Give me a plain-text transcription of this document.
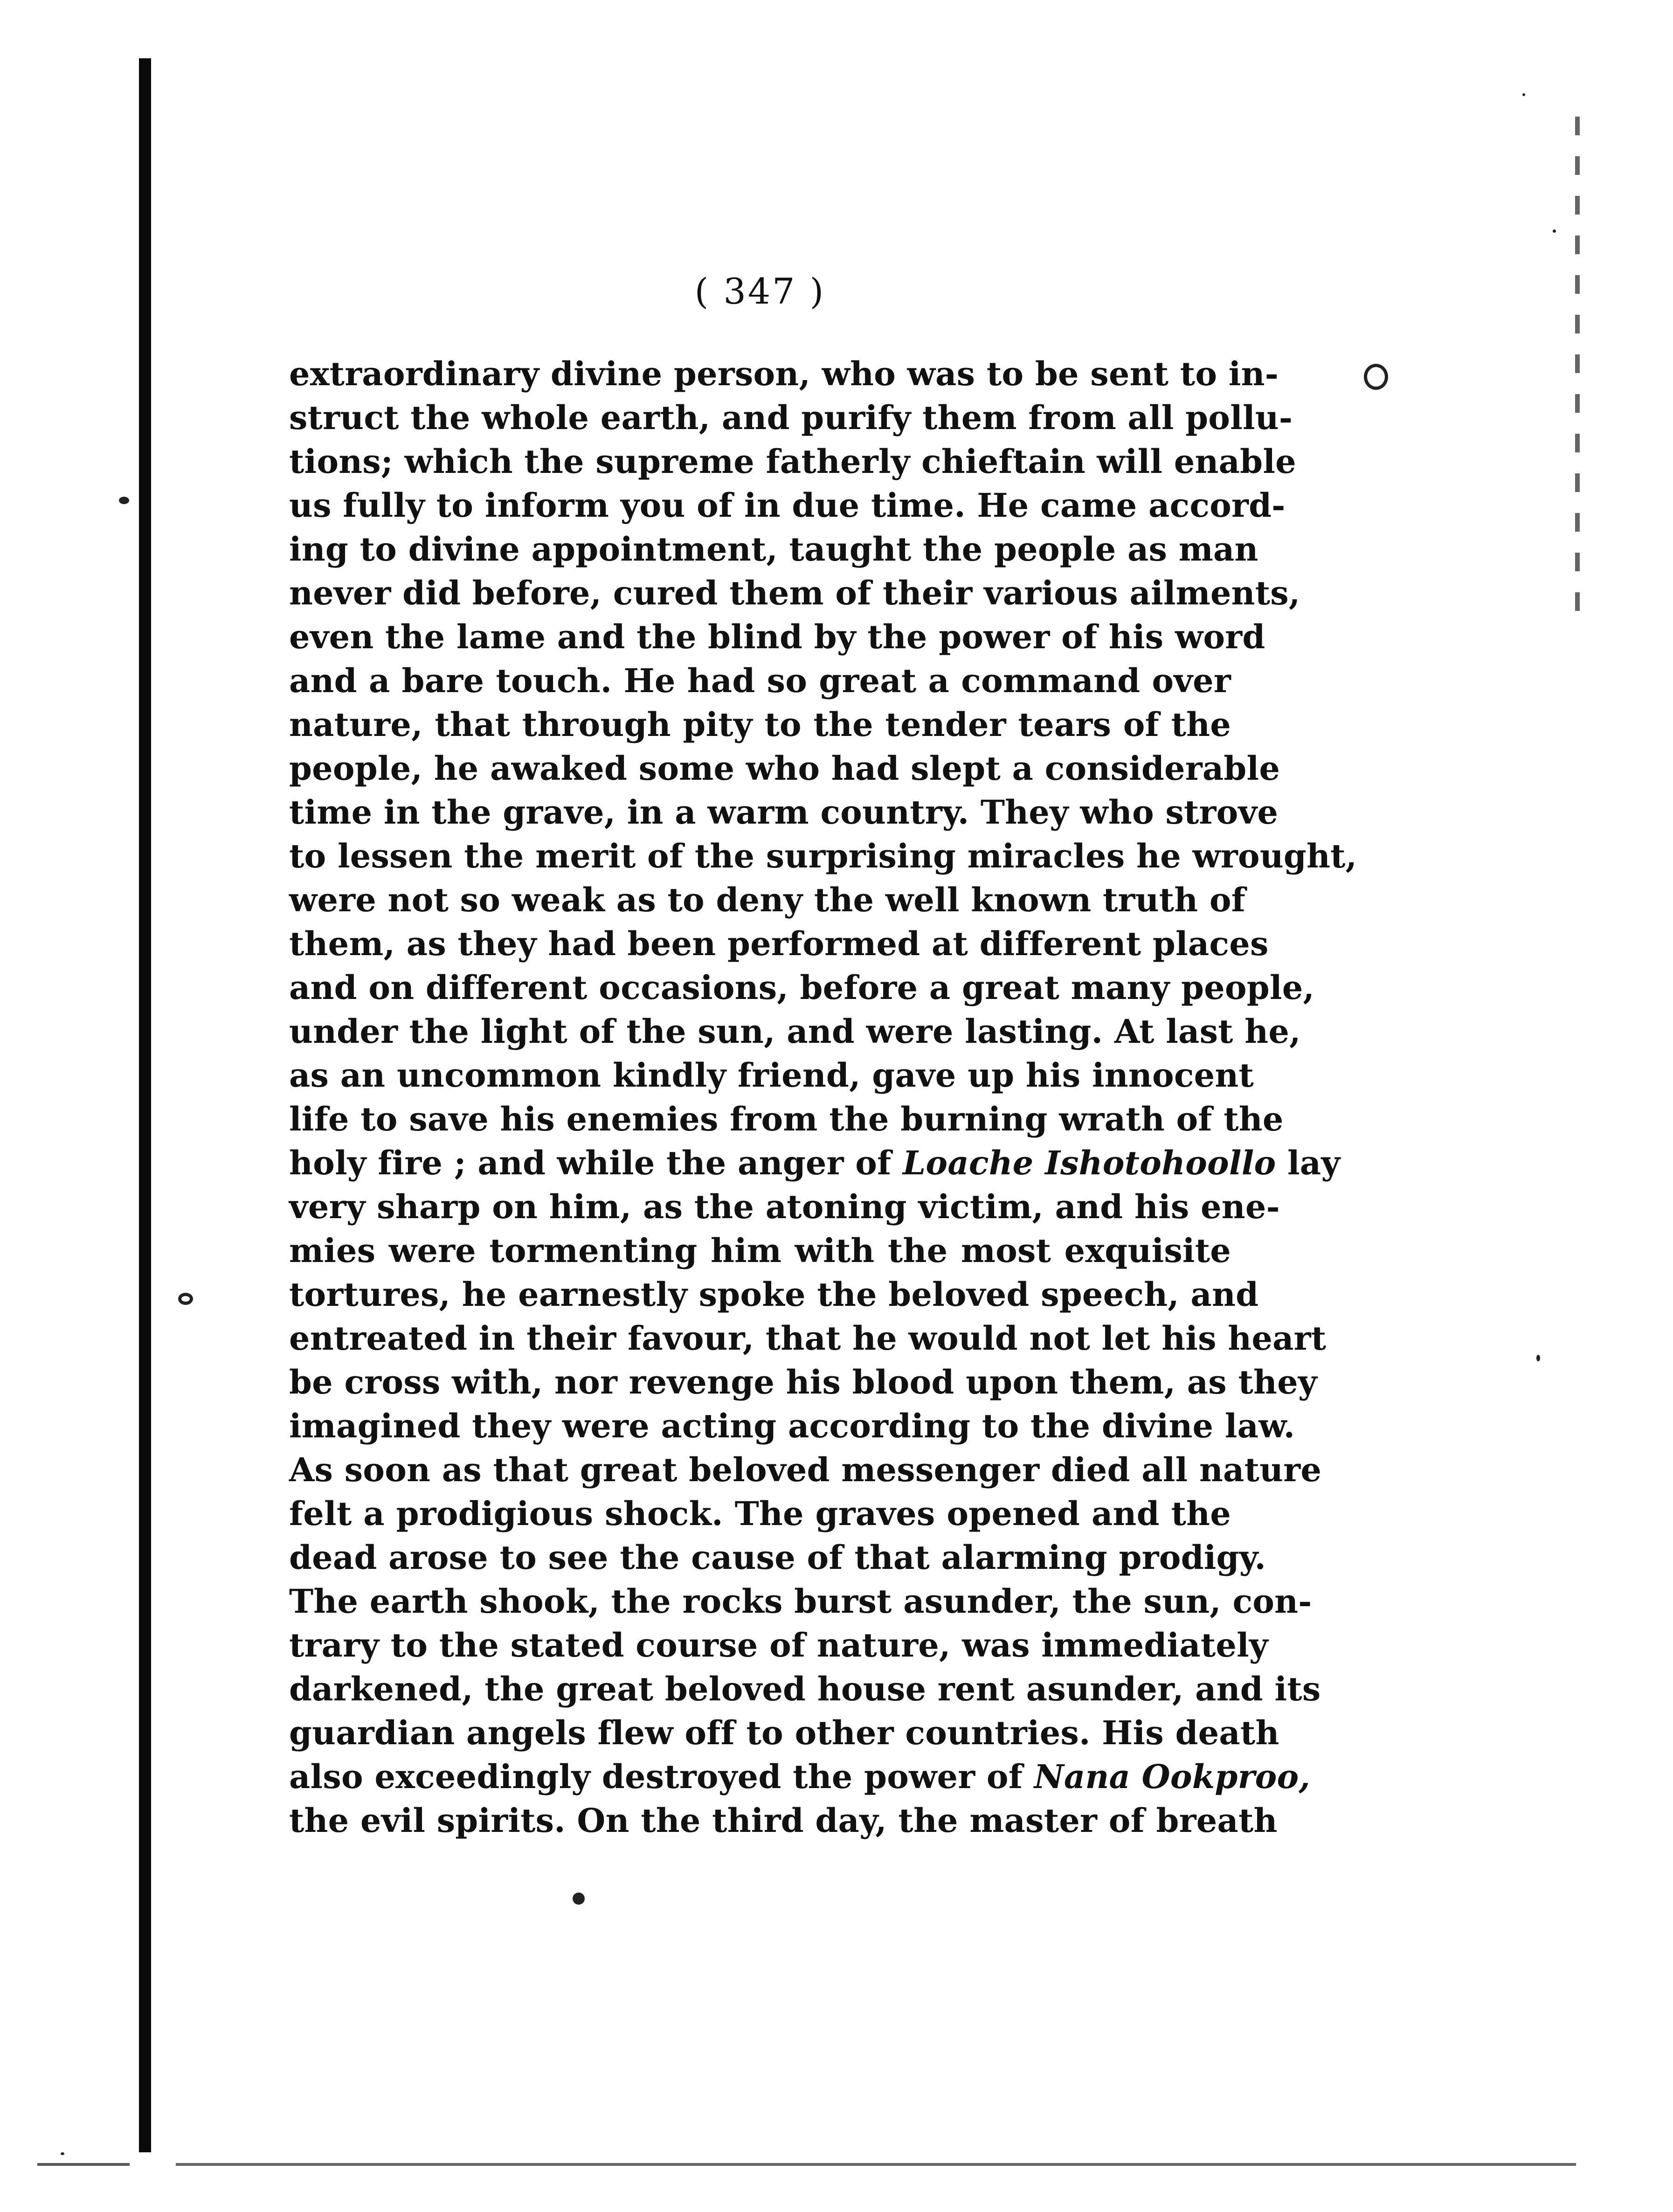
( 347 )
extraordinary divine person, who was to be sent to in-
struct the whole earth, and purify them from all pollu-
tions; which the supreme fatherly chieftain will enable
us fully to inform you of in due time. He came accord-
ing to divine appointment, taught the people as man
never did before, cured them of their various ailments,
even the lame and the blind by the power of his word
and a bare touch. He had so great a command over
nature, that through pity to the tender tears of the
people, he awaked some who had slept a considerable
time in the grave, in a warm country. They who strove
to lessen the merit of the surprising miracles he wrought,
were not so weak as to deny the well known truth of
them, as they had been performed at different places
and on different occasions, before a great many people,
under the light of the sun, and were lasting. At last he,
as an uncommon kindly friend, gave up his innocent
life to save his enemies from the burning wrath of the
holy fire ; and while the anger of Loache Ishotohoollo lay
very sharp on him, as the atoning victim, and his ene-
mies were tormenting him with the most exquisite
tortures, he earnestly spoke the beloved speech, and
entreated in their favour, that he would not let his heart
be cross with, nor revenge his blood upon them, as they
imagined they were acting according to the divine law.
As soon as that great beloved messenger died all nature
felt a prodigious shock. The graves opened and the
dead arose to see the cause of that alarming prodigy.
The earth shook, the rocks burst asunder, the sun, con-
trary to the stated course of nature, was immediately
darkened, the great beloved house rent asunder, and its
guardian angels flew off to other countries. His death
also exceedingly destroyed the power of Nana Ookproo,
the evil spirits. On the third day, the master of breath
